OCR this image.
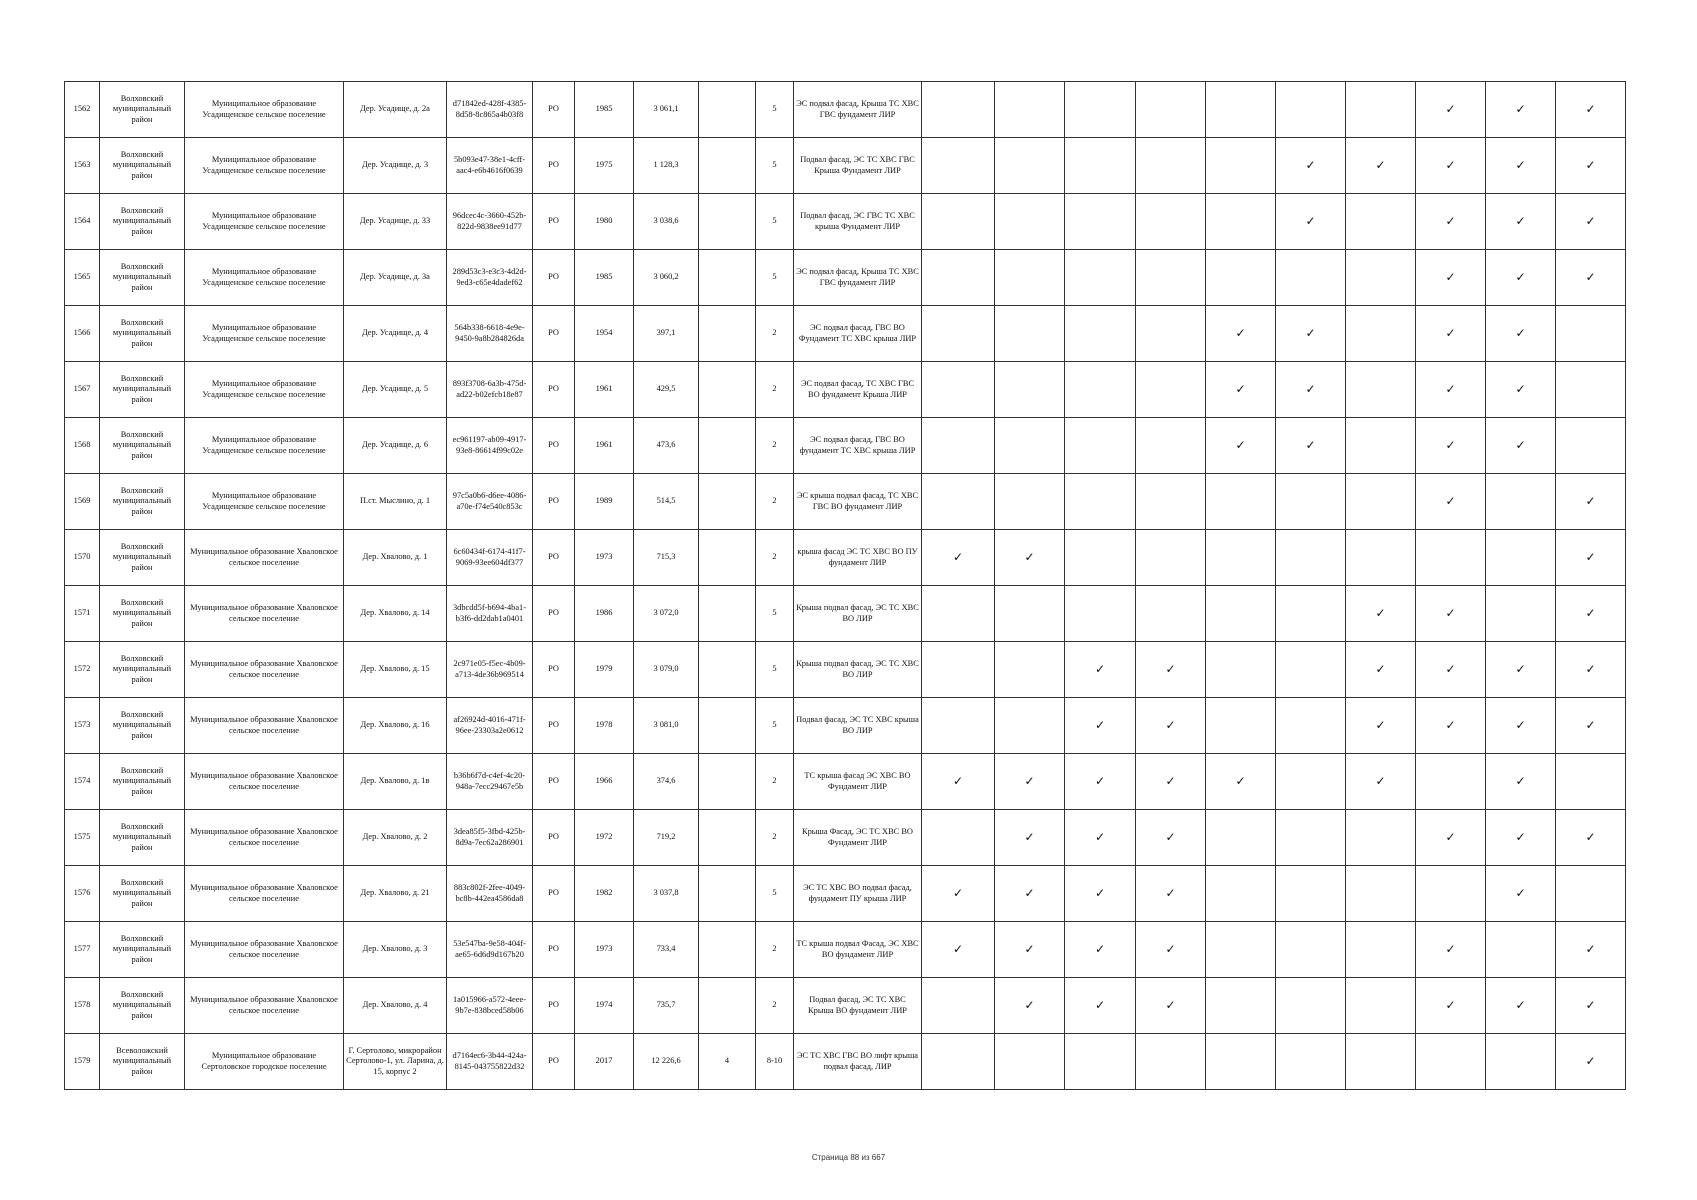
1562	Волховский муниципальный район	Муниципальное образование Усадищенское сельское поселение	Дер. Усадище, д. 2а	d71842ed-428f-4385-8d58-8c865a4b03f8	РО	1985	3 061,1		5	ЭС подвал фасад, Крыша ТС ХВС ГВС фундамент ЛИР								✓	✓	✓
1563	Волховский муниципальный район	Муниципальное образование Усадищенское сельское поселение	Дер. Усадище, д. 3	5b093e47-38e1-4cff-aac4-e6b4616f0639	РО	1975	1 128,3		5	Подвал фасад, ЭС ТС ХВС ГВС Крыша Фундамент ЛИР						✓	✓	✓	✓	✓
1564	Волховский муниципальный район	Муниципальное образование Усадищенское сельское поселение	Дер. Усадище, д. 33	96dcec4c-3660-452b-822d-9838ee91d77	РО	1980	3 038,6		5	Подвал фасад, ЭС ГВС ТС ХВС крыша Фундамент ЛИР						✓		✓	✓	✓
1565	Волховский муниципальный район	Муниципальное образование Усадищенское сельское поселение	Дер. Усадище, д. 3а	289d53c3-e3c3-4d2d-9ed3-c65e4dadef62	РО	1985	3 060,2		5	ЭС подвал фасад, Крыша ТС ХВС ГВС фундамент ЛИР								✓	✓	✓
1566	Волховский муниципальный район	Муниципальное образование Усадищенское сельское поселение	Дер. Усадище, д. 4	564b338-6618-4e9e-9450-9a8b284826da	РО	1954	397,1		2	ЭС подвал фасад, ГВС ВО Фундамент ТС ХВС крыша ЛИР					✓	✓		✓	✓	
1567	Волховский муниципальный район	Муниципальное образование Усадищенское сельское поселение	Дер. Усадище, д. 5	893f3708-6a3b-475d-ad22-b02efcb18e87	РО	1961	429,5		2	ЭС подвал фасад, ТС ХВС ГВС ВО фундамент Крыша ЛИР					✓	✓		✓	✓	
1568	Волховский муниципальный район	Муниципальное образование Усадищенское сельское поселение	Дер. Усадище, д. 6	ec961197-ab09-4917-93e8-86614f99c02e	РО	1961	473,6		2	ЭС подвал фасад, ГВС ВО фундамент ТС ХВС крыша ЛИР					✓	✓		✓	✓	
1569	Волховский муниципальный район	Муниципальное образование Усадищенское сельское поселение	П.ст. Мыслино, д. 1	97c5a0b6-d6ee-4086-a70e-f74e540c853c	РО	1989	514,5		2	ЭС крыша подвал фасад, ТС ХВС ГВС ВО фундамент ЛИР								✓		✓
1570	Волховский муниципальный район	Муниципальное образование Хваловское сельское поселение	Дер. Хвалово, д. 1	6c60434f-6174-41f7-9069-93ee604df377	РО	1973	715,3		2	крыша фасад ЭС ТС ХВС ВО ПУ фундамент ЛИР	✓	✓								✓
1571	Волховский муниципальный район	Муниципальное образование Хваловское сельское поселение	Дер. Хвалово, д. 14	3dbcdd5f-b694-4ba1-b3f6-dd2dab1a0401	РО	1986	3 072,0		5	Крыша подвал фасад, ЭС ТС ХВС ВО ЛИР							✓	✓		✓
1572	Волховский муниципальный район	Муниципальное образование Хваловское сельское поселение	Дер. Хвалово, д. 15	2c971e05-f5ec-4b09-a713-4de36b969514	РО	1979	3 079,0		5	Крыша подвал фасад, ЭС ТС ХВС ВО ЛИР			✓	✓			✓	✓	✓	✓
1573	Волховский муниципальный район	Муниципальное образование Хваловское сельское поселение	Дер. Хвалово, д. 16	af26924d-4016-471f-96ee-23303a2e0612	РО	1978	3 081,0		5	Подвал фасад, ЭС ТС ХВС крыша ВО ЛИР			✓	✓			✓	✓	✓	✓
1574	Волховский муниципальный район	Муниципальное образование Хваловское сельское поселение	Дер. Хвалово, д. 1в	b36b6f7d-c4ef-4c20-948a-7ecc29467e5b	РО	1966	374,6		2	ТС крыша фасад ЭС ХВС ВО Фундамент ЛИР	✓	✓	✓	✓	✓		✓		✓	
1575	Волховский муниципальный район	Муниципальное образование Хваловское сельское поселение	Дер. Хвалово, д. 2	3dea85f5-3fbd-425b-8d9a-7ec62a286901	РО	1972	719,2		2	Крыша Фасад, ЭС ТС ХВС ВО Фундамент ЛИР		✓	✓	✓				✓	✓	✓
1576	Волховский муниципальный район	Муниципальное образование Хваловское сельское поселение	Дер. Хвалово, д. 21	883c802f-2fee-4049-bc8b-442ea4586da8	РО	1982	3 037,8		5	ЭС ТС ХВС ВО подвал фасад, фундамент ПУ крыша ЛИР	✓	✓	✓	✓					✓	
1577	Волховский муниципальный район	Муниципальное образование Хваловское сельское поселение	Дер. Хвалово, д. 3	53e547ba-9e58-404f-ae65-6d6d9d167b20	РО	1973	733,4		2	ТС крыша подвал Фасад, ЭС ХВС ВО фундамент ЛИР	✓	✓	✓	✓				✓		✓
1578	Волховский муниципальный район	Муниципальное образование Хваловское сельское поселение	Дер. Хвалово, д. 4	1a015966-a572-4eee-9b7e-838bced58b06	РО	1974	735,7		2	Подвал фасад, ЭС ТС ХВС Крыша ВО фундамент ЛИР		✓	✓	✓				✓	✓	✓
1579	Всеволожский муниципальный район	Муниципальное образование Сертоловское городское поселение	Г. Сертолово, микрорайон Сертолово-1, ул. Ларина, д. 15, корпус 2	d7164ec6-3b44-424a-8145-043755822d32	РО	2017	12 226,6	4	8-10	ЭС ТС ХВС ГВС ВО лифт крыша подвал фасад, ЛИР										✓
Страница 88 из 667
